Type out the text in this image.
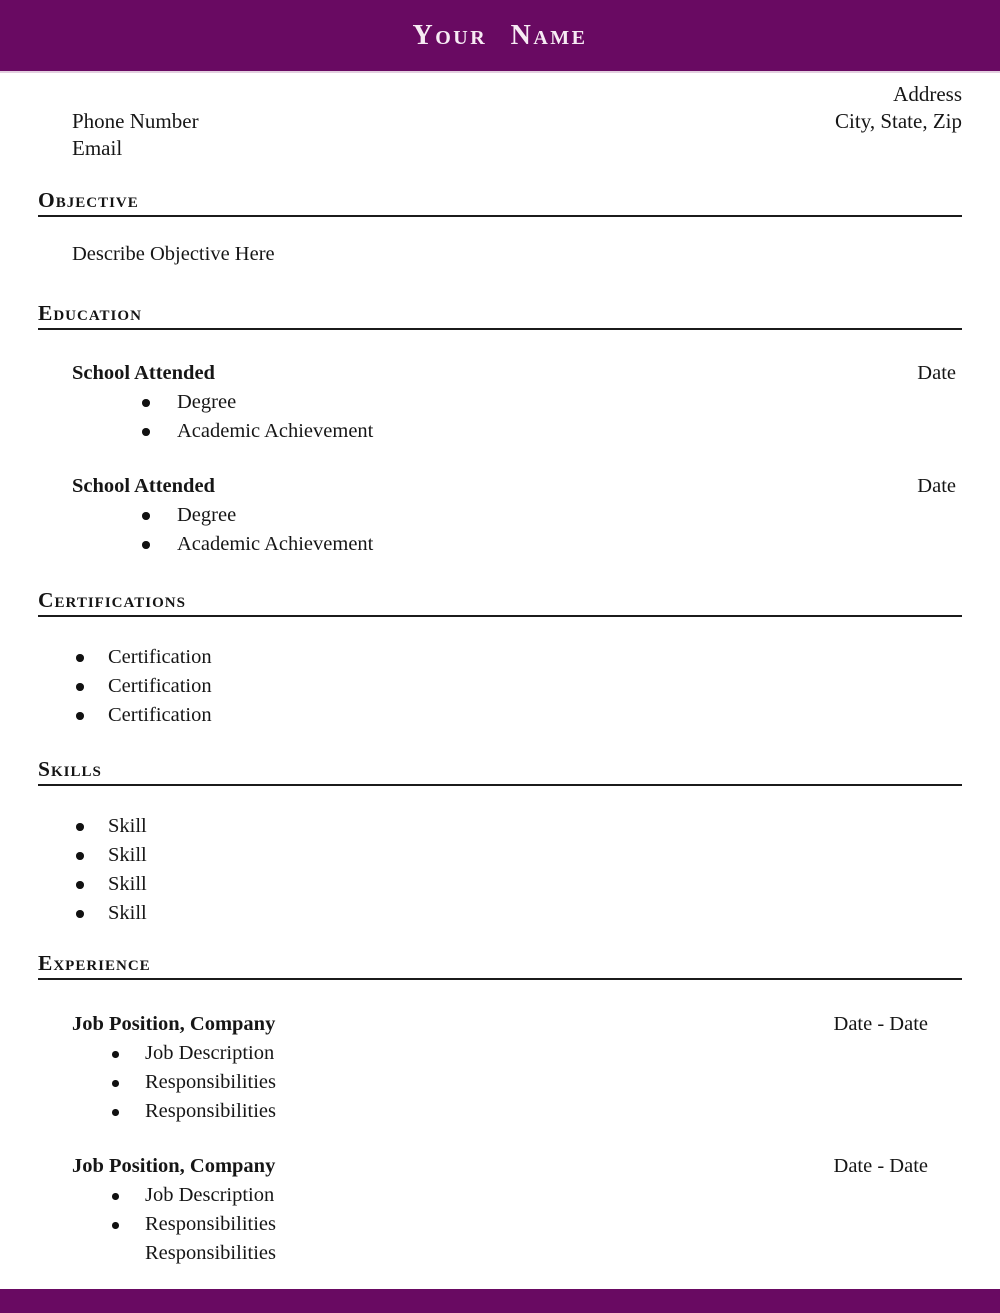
Your Name
Address
Phone Number	City, State, Zip
Email
Objective
Describe Objective Here
Education
School Attended	Date
Degree
Academic Achievement
School Attended	Date
Degree
Academic Achievement
Certifications
Certification
Certification
Certification
Skills
Skill
Skill
Skill
Skill
Experience
Job Position, Company	Date - Date
Job Description
Responsibilities
Responsibilities
Job Position, Company	Date - Date
Job Description
Responsibilities
Responsibilities
